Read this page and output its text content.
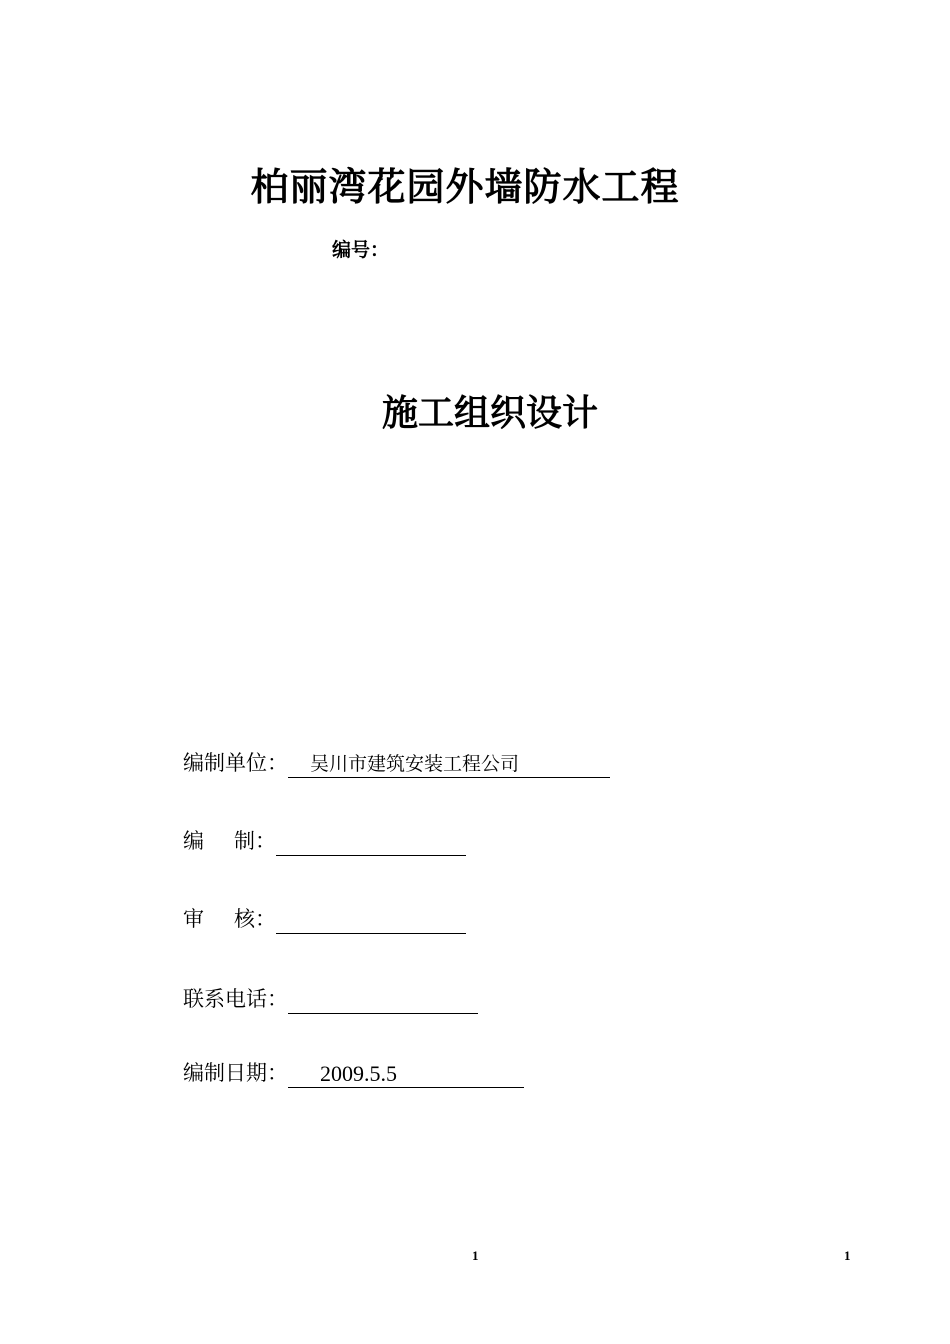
柏丽湾花园外墙防水工程
编号：
施工组织设计
编制单位：	吴川市建筑安装工程公司
编 制：
审 核：
联系电话：
编制日期：	2009.5.5
1	1
